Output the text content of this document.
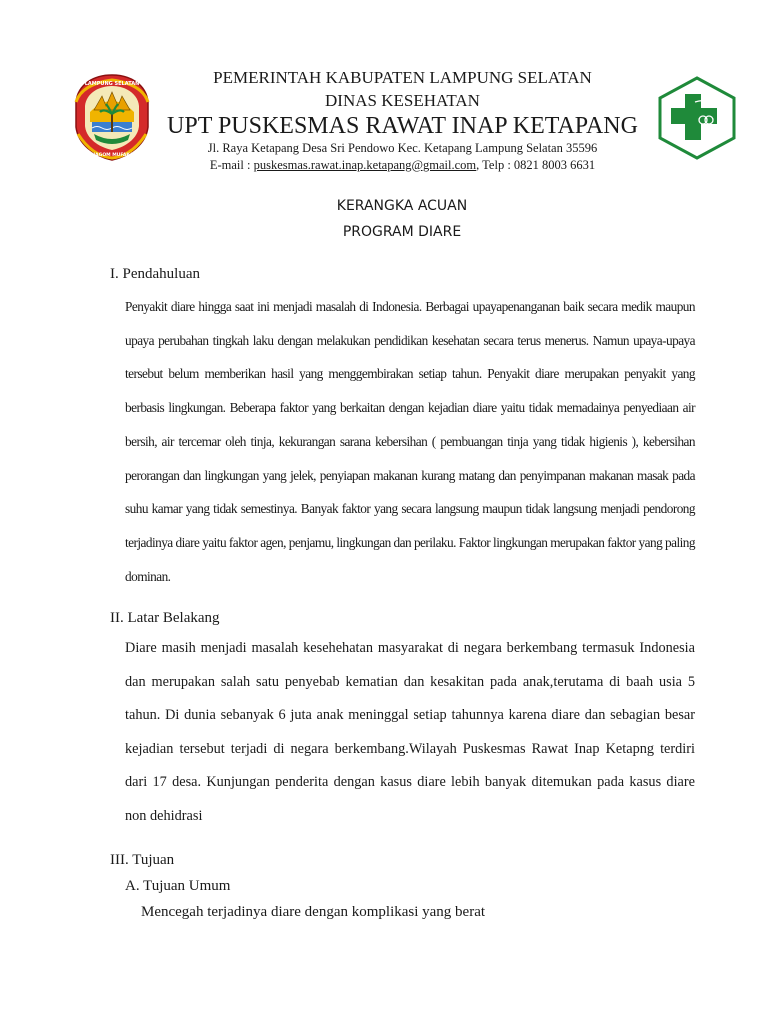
LAMPUNG SELATAN
KHAGOM MUFAKAT
PEMERINTAH KABUPATEN LAMPUNG SELATAN
DINAS KESEHATAN
UPT PUSKESMAS RAWAT INAP KETAPANG
Jl. Raya Ketapang Desa Sri Pendowo Kec. Ketapang Lampung Selatan 35596
E-mail : puskesmas.rawat.inap.ketapang@gmail.com, Telp : 0821 8003 6631
KERANGKA ACUAN
PROGRAM DIARE
I. Pendahuluan

Penyakit diare hingga saat ini menjadi masalah di Indonesia. Berbagai upayapenanganan baik secara medik maupun upaya perubahan tingkah laku dengan melakukan pendidikan kesehatan secara terus menerus. Namun upaya-upaya tersebut belum memberikan hasil yang menggembirakan setiap tahun. Penyakit diare merupakan penyakit yang berbasis lingkungan. Beberapa faktor yang berkaitan dengan kejadian diare yaitu tidak memadainya penyediaan air bersih, air tercemar oleh tinja, kekurangan sarana kebersihan ( pembuangan tinja yang tidak higienis ), kebersihan perorangan dan lingkungan yang jelek, penyiapan makanan kurang matang dan penyimpanan makanan masak pada suhu kamar yang tidak semestinya. Banyak faktor yang secara langsung maupun tidak langsung menjadi pendorong terjadinya diare yaitu faktor agen, penjamu, lingkungan dan perilaku. Faktor lingkungan merupakan faktor yang paling dominan.

II. Latar Belakang

Diare masih menjadi masalah kesehehatan masyarakat di negara berkembang termasuk Indonesia dan merupakan salah satu penyebab kematian dan kesakitan pada anak,terutama di baah usia 5 tahun. Di dunia sebanyak 6 juta anak meninggal setiap tahunnya karena diare dan sebagian besar kejadian tersebut terjadi di negara berkembang.Wilayah Puskesmas Rawat Inap Ketapng terdiri dari 17 desa. Kunjungan penderita dengan kasus diare lebih banyak ditemukan pada kasus diare non dehidrasi

III. Tujuan
A. Tujuan Umum
Mencegah terjadinya diare dengan komplikasi yang berat
